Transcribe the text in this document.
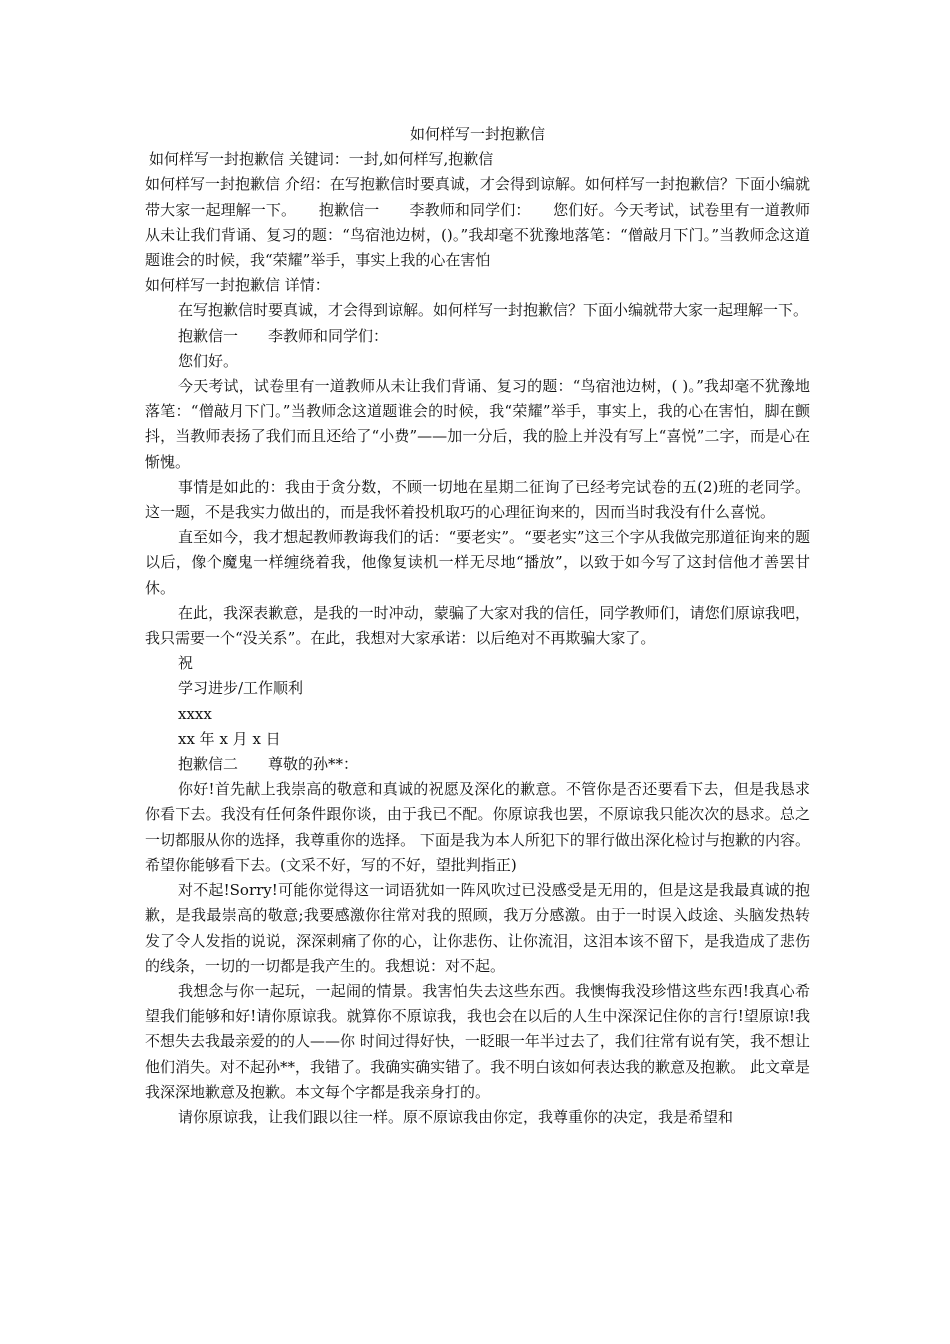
如何样写一封抱歉信

如何样写一封抱歉信 关键词：一封,如何样写,抱歉信

如何样写一封抱歉信 介绍：在写抱歉信时要真诚，才会得到谅解。如何样写一封抱歉信？下面小编就带大家一起理解一下。　　抱歉信一　　李教师和同学们：　　您们好。今天考试，试卷里有一道教师从未让我们背诵、复习的题：“鸟宿池边树，()。”我却毫不犹豫地落笔：“僧敲月下门。”当教师念这道题谁会的时候，我“荣耀”举手，事实上我的心在害怕

如何样写一封抱歉信 详情：

在写抱歉信时要真诚，才会得到谅解。如何样写一封抱歉信？下面小编就带大家一起理解一下。

抱歉信一　　李教师和同学们：

您们好。

今天考试，试卷里有一道教师从未让我们背诵、复习的题：“鸟宿池边树，( )。”我却毫不犹豫地落笔：“僧敲月下门。”当教师念这道题谁会的时候，我“荣耀”举手，事实上，我的心在害怕，脚在颤抖，当教师表扬了我们而且还给了“小费”——加一分后，我的脸上并没有写上“喜悦”二字，而是心在惭愧。

事情是如此的：我由于贪分数，不顾一切地在星期二征询了已经考完试卷的五(2)班的老同学。这一题，不是我实力做出的，而是我怀着投机取巧的心理征询来的，因而当时我没有什么喜悦。

直至如今，我才想起教师教诲我们的话：“要老实”。“要老实”这三个字从我做完那道征询来的题以后，像个魔鬼一样缠绕着我，他像复读机一样无尽地“播放”，以致于如今写了这封信他才善罢甘休。

在此，我深表歉意，是我的一时冲动，蒙骗了大家对我的信任，同学教师们，请您们原谅我吧，我只需要一个“没关系”。在此，我想对大家承诺：以后绝对不再欺骗大家了。

祝

学习进步/工作顺利

xxxx

xx 年 x 月 x 日

抱歉信二　　尊敬的孙**：

你好!首先献上我崇高的敬意和真诚的祝愿及深化的歉意。不管你是否还要看下去，但是我恳求你看下去。我没有任何条件跟你谈，由于我已不配。你原谅我也罢，不原谅我只能次次的恳求。总之一切都服从你的选择，我尊重你的选择。 下面是我为本人所犯下的罪行做出深化检讨与抱歉的内容。希望你能够看下去。(文采不好，写的不好，望批判指正)

对不起!Sorry!可能你觉得这一词语犹如一阵风吹过已没感受是无用的，但是这是我最真诚的抱歉，是我最崇高的敬意;我要感激你往常对我的照顾，我万分感激。由于一时误入歧途、头脑发热转发了令人发指的说说，深深刺痛了你的心，让你悲伤、让你流泪，这泪本该不留下，是我造成了悲伤的线条，一切的一切都是我产生的。我想说：对不起。

我想念与你一起玩，一起闹的情景。我害怕失去这些东西。我懊悔我没珍惜这些东西!我真心希望我们能够和好!请你原谅我。就算你不原谅我，我也会在以后的人生中深深记住你的言行!望原谅!我不想失去我最亲爱的的人——你 时间过得好快，一眨眼一年半过去了，我们往常有说有笑，我不想让他们消失。对不起孙**，我错了。我确实确实错了。我不明白该如何表达我的歉意及抱歉。 此文章是我深深地歉意及抱歉。本文每个字都是我亲身打的。

请你原谅我，让我们跟以往一样。原不原谅我由你定，我尊重你的决定，我是希望和
